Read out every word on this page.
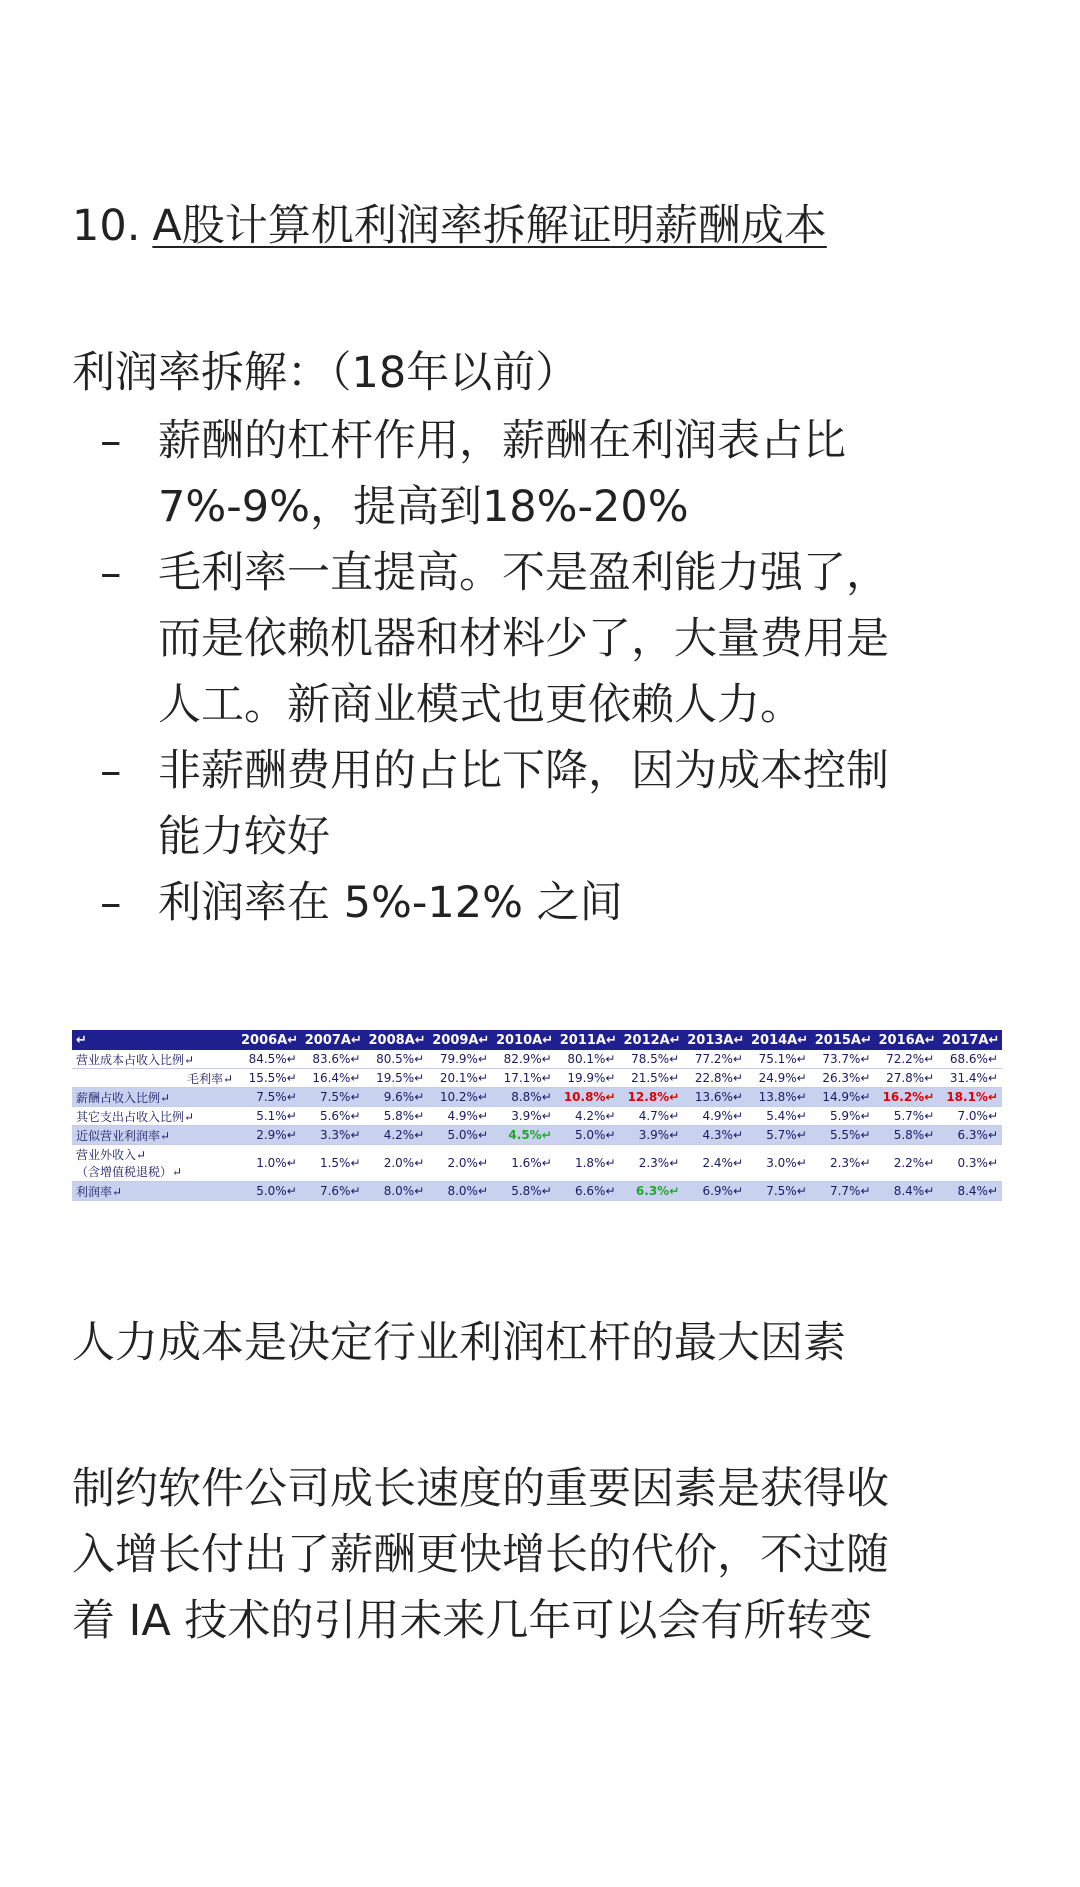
10. A股计算机利润率拆解证明薪酬成本
利润率拆解：（18年以前）
– 薪酬的杠杆作用，薪酬在利润表占比
7%-9%，提高到18%-20%
– 毛利率一直提高。不是盈利能力强了，
而是依赖机器和材料少了，大量费用是
人工。新商业模式也更依赖人力。
– 非薪酬费用的占比下降，因为成本控制
能力较好
– 利润率在 5%-12% 之间
↵	2006A↵	2007A↵	2008A↵	2009A↵	2010A↵	2011A↵	2012A↵	2013A↵	2014A↵	2015A↵	2016A↵	2017A↵
营业成本占收入比例↵	84.5%↵	83.6%↵	80.5%↵	79.9%↵	82.9%↵	80.1%↵	78.5%↵	77.2%↵	75.1%↵	73.7%↵	72.2%↵	68.6%↵
毛利率↵	15.5%↵	16.4%↵	19.5%↵	20.1%↵	17.1%↵	19.9%↵	21.5%↵	22.8%↵	24.9%↵	26.3%↵	27.8%↵	31.4%↵
薪酬占收入比例↵	7.5%↵	7.5%↵	9.6%↵	10.2%↵	8.8%↵	10.8%↵	12.8%↵	13.6%↵	13.8%↵	14.9%↵	16.2%↵	18.1%↵
其它支出占收入比例↵	5.1%↵	5.6%↵	5.8%↵	4.9%↵	3.9%↵	4.2%↵	4.7%↵	4.9%↵	5.4%↵	5.9%↵	5.7%↵	7.0%↵
近似营业利润率↵	2.9%↵	3.3%↵	4.2%↵	5.0%↵	4.5%↵	5.0%↵	3.9%↵	4.3%↵	5.7%↵	5.5%↵	5.8%↵	6.3%↵
营业外收入↵
（含增值税退税）↵	1.0%↵	1.5%↵	2.0%↵	2.0%↵	1.6%↵	1.8%↵	2.3%↵	2.4%↵	3.0%↵	2.3%↵	2.2%↵	0.3%↵
利润率↵	5.0%↵	7.6%↵	8.0%↵	8.0%↵	5.8%↵	6.6%↵	6.3%↵	6.9%↵	7.5%↵	7.7%↵	8.4%↵	8.4%↵
人力成本是决定行业利润杠杆的最大因素
制约软件公司成长速度的重要因素是获得收
入增长付出了薪酬更快增长的代价，不过随
着 IA 技术的引用未来几年可以会有所转变
